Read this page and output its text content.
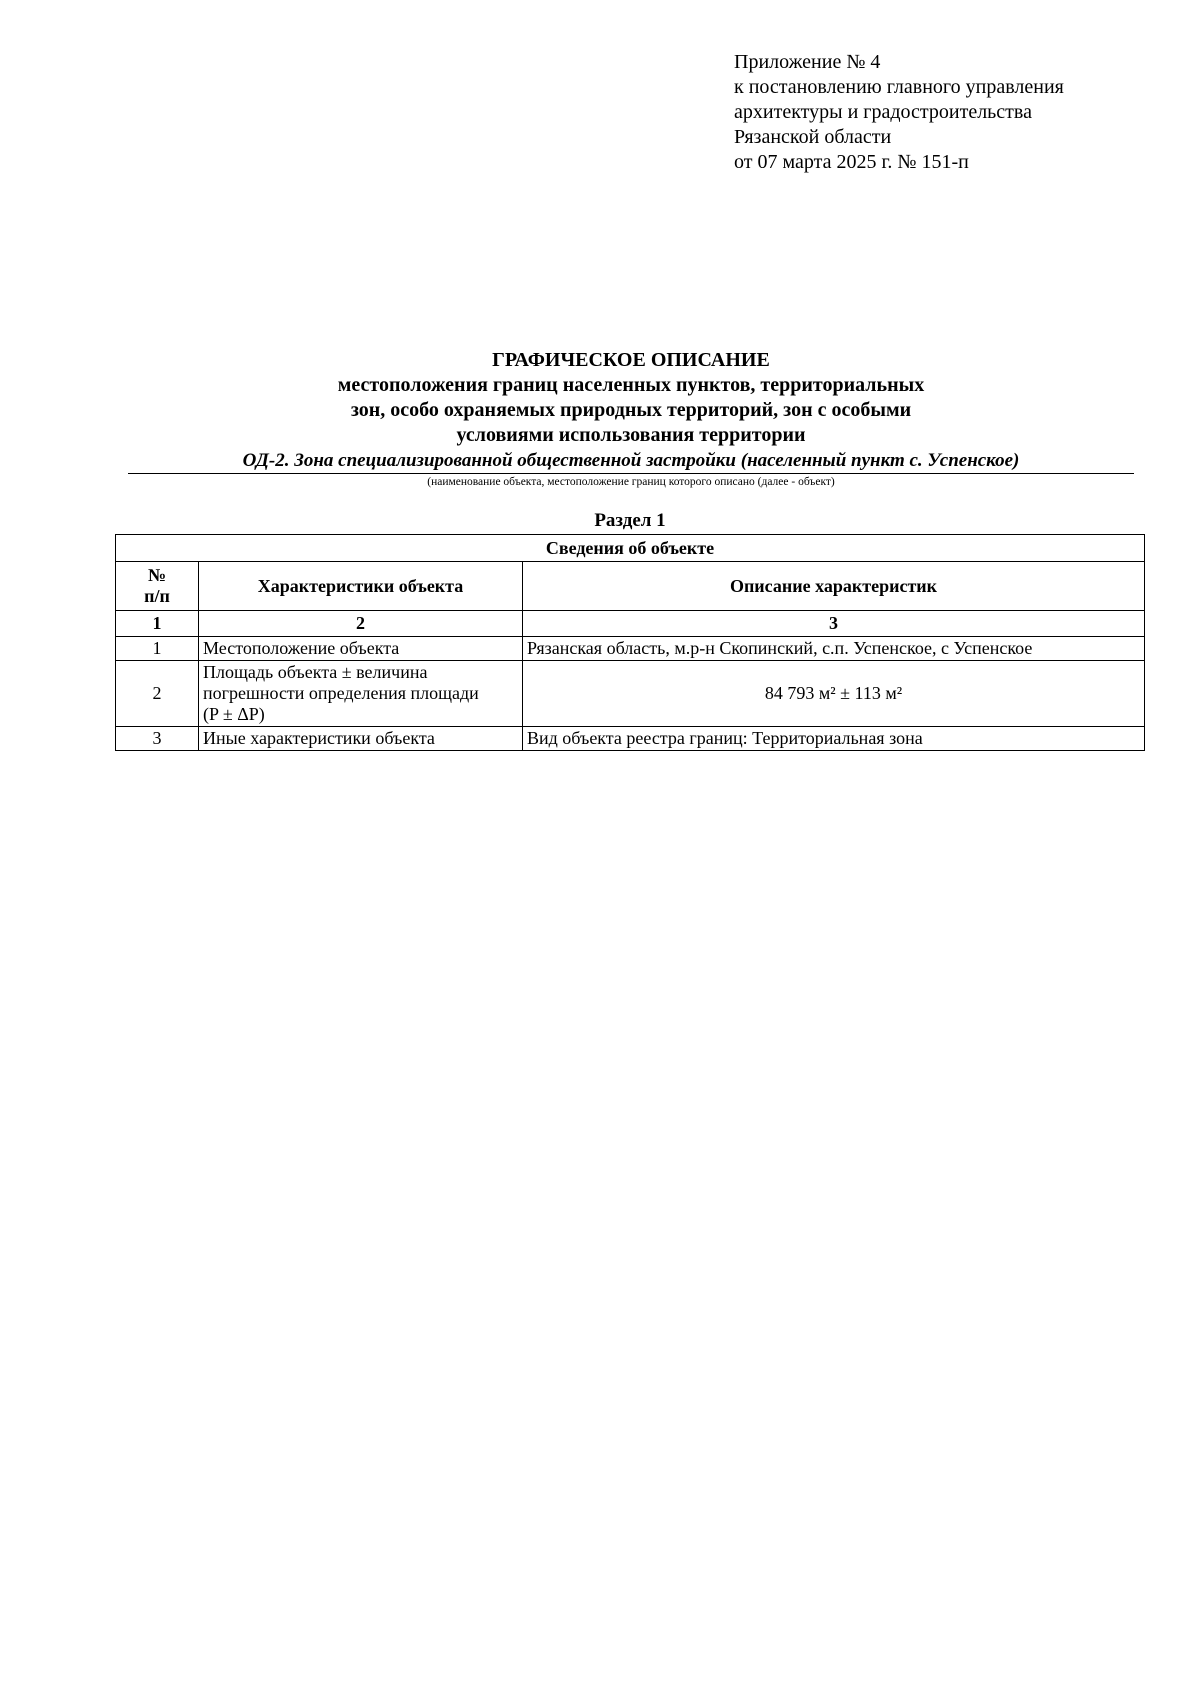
Приложение № 4
к постановлению главного управления
архитектуры и градостроительства
Рязанской области
от 07 марта 2025 г. № 151-п
ГРАФИЧЕСКОЕ ОПИСАНИЕ
местоположения границ населенных пунктов, территориальных
зон, особо охраняемых природных территорий, зон с особыми
условиями использования территории
ОД-2. Зона специализированной общественной застройки (населенный пункт с. Успенское)
(наименование объекта, местоположение границ которого описано (далее - объект)
Раздел 1
Сведения об объекте		

№
п/п	Характеристики объекта	Описание характеристик
1	2	3
1	Местоположение объекта	Рязанская область, м.р-н Скопинский, с.п. Успенское, с Успенское
2	Площадь объекта ± величина
погрешности определения площади
(P ± ΔP)	84 793 м² ± 113 м²
3	Иные характеристики объекта	Вид объекта реестра границ: Территориальная зона
